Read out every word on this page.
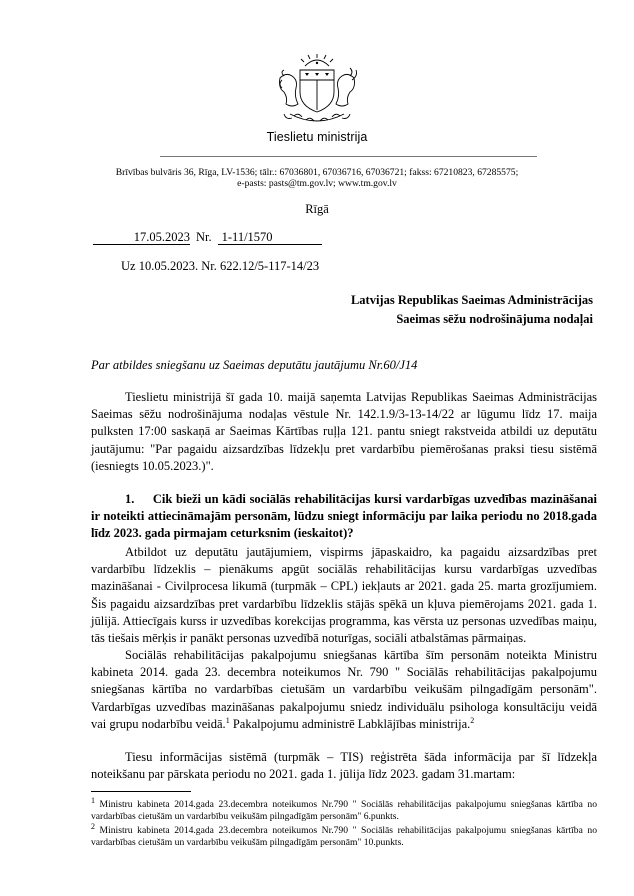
Tieslietu ministrija
Brīvības bulvāris 36, Rīga, LV-1536; tālr.: 67036801, 67036716, 67036721; fakss: 67210823, 67285575;
e-pasts: pasts@tm.gov.lv; www.tm.gov.lv
Rīgā
17.05.2023 Nr. 1-11/1570
Uz 10.05.2023. Nr. 622.12/5-117-14/23
Latvijas Republikas Saeimas Administrācijas
Saeimas sēžu nodrošinājuma nodaļai
Par atbildes sniegšanu uz Saeimas deputātu jautājumu Nr.60/J14

Tieslietu ministrijā šī gada 10. maijā saņemta Latvijas Republikas Saeimas Administrācijas Saeimas sēžu nodrošinājuma nodaļas vēstule Nr. 142.1.9/3-13-14/22 ar lūgumu līdz 17. maija pulksten 17:00 saskaņā ar Saeimas Kārtības ruļļa 121. pantu sniegt rakstveida atbildi uz deputātu jautājumu: "Par pagaidu aizsardzības līdzekļu pret vardarbību piemērošanas praksi tiesu sistēmā (iesniegts 10.05.2023.)".

1.     Cik bieži un kādi sociālās rehabilitācijas kursi vardarbīgas uzvedības mazināšanai ir noteikti attiecināmajām personām, lūdzu sniegt informāciju par laika periodu no 2018.gada līdz 2023. gada pirmajam ceturksnim (ieskaitot)?

Atbildot uz deputātu jautājumiem, vispirms jāpaskaidro, ka pagaidu aizsardzības pret vardarbību līdzeklis – pienākums apgūt sociālās rehabilitācijas kursu vardarbīgas uzvedības mazināšanai - Civilprocesa likumā (turpmāk – CPL) iekļauts ar 2021. gada 25. marta grozījumiem. Šis pagaidu aizsardzības pret vardarbību līdzeklis stājās spēkā un kļuva piemērojams 2021. gada 1. jūlijā. Attiecīgais kurss ir uzvedības korekcijas programma, kas vērsta uz personas uzvedības maiņu, tās tiešais mērķis ir panākt personas uzvedībā noturīgas, sociāli atbalstāmas pārmaiņas.

Sociālās rehabilitācijas pakalpojumu sniegšanas kārtība šīm personām noteikta Ministru kabineta 2014. gada 23. decembra noteikumos Nr. 790 " Sociālās rehabilitācijas pakalpojumu sniegšanas kārtība no vardarbības cietušām un vardarbību veikušām pilngadīgām personām". Vardarbīgas uzvedības mazināšanas pakalpojumu sniedz individuālu psihologa konsultāciju veidā vai grupu nodarbību veidā.$^1$ Pakalpojumu administrē Labklājības ministrija.$^2$

Tiesu informācijas sistēmā (turpmāk – TIS) reģistrēta šāda informācija par šī līdzekļa noteikšanu par pārskata periodu no 2021. gada 1. jūlija līdz 2023. gadam 31.martam:

$^1$ Ministru kabineta 2014.gada 23.decembra noteikumos Nr.790 " Sociālās rehabilitācijas pakalpojumu sniegšanas kārtība no vardarbības cietušām un vardarbību veikušām pilngadīgām personām" 6.punkts.

$^2$ Ministru kabineta 2014.gada 23.decembra noteikumos Nr.790 " Sociālās rehabilitācijas pakalpojumu sniegšanas kārtība no vardarbības cietušām un vardarbību veikušām pilngadīgām personām" 10.punkts.
